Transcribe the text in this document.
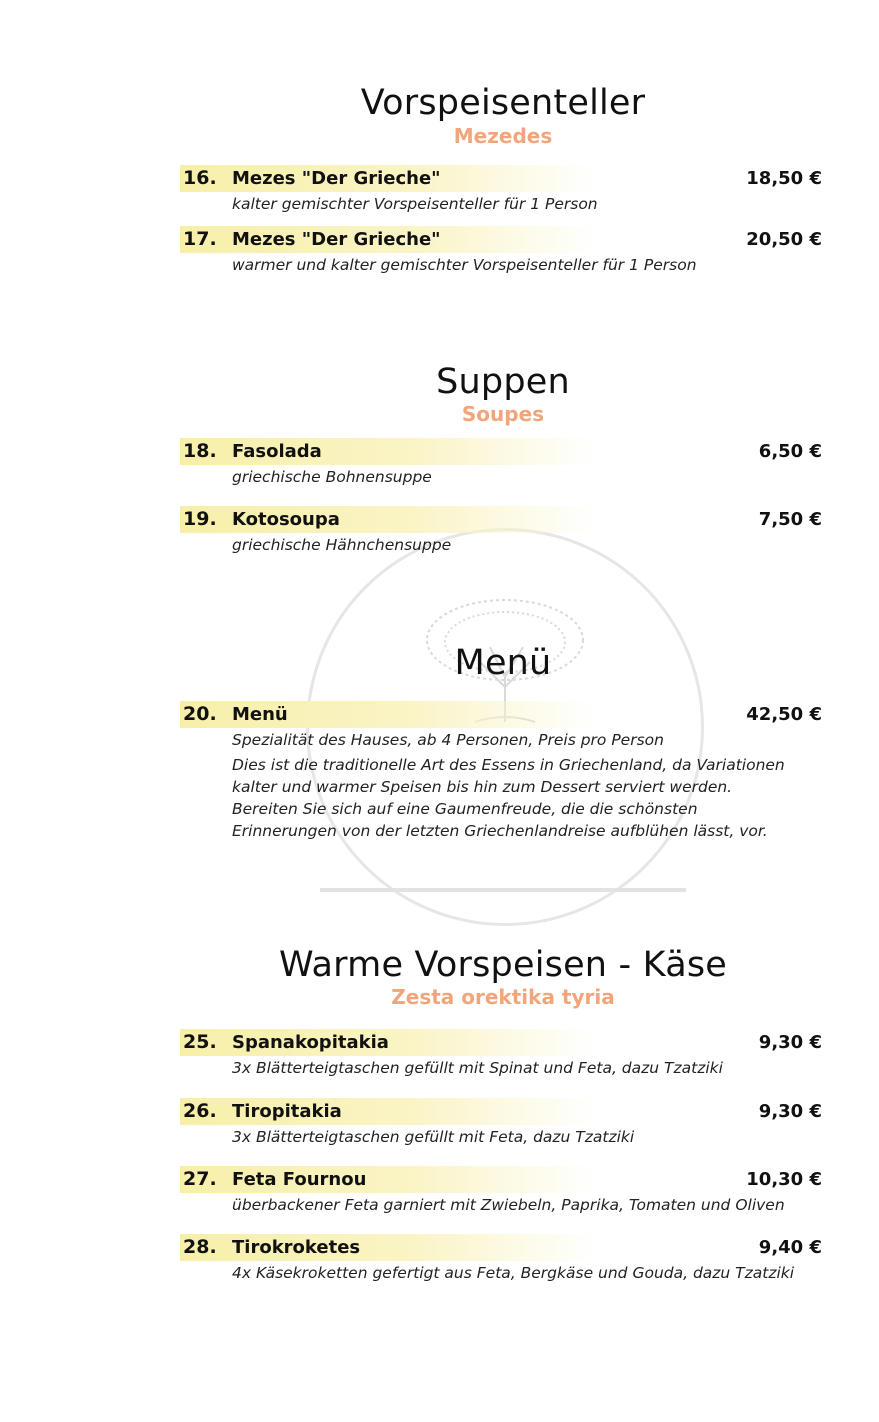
Vorspeisenteller
Mezedes
16. Mezes "Der Grieche"	18,50 €
kalter gemischter Vorspeisenteller für 1 Person
17. Mezes "Der Grieche"	20,50 €
warmer und kalter gemischter Vorspeisenteller für 1 Person
Suppen
Soupes
18. Fasolada	6,50 €
griechische Bohnensuppe
19. Kotosoupa	7,50 €
griechische Hähnchensuppe
Menü
20. Menü	42,50 €
Spezialität des Hauses, ab 4 Personen, Preis pro Person
Dies ist die traditionelle Art des Essens in Griechenland, da Variationen
kalter und warmer Speisen bis hin zum Dessert serviert werden.
Bereiten Sie sich auf eine Gaumenfreude, die die schönsten
Erinnerungen von der letzten Griechenlandreise aufblühen lässt, vor.
Warme Vorspeisen - Käse
Zesta orektika tyria
25. Spanakopitakia	9,30 €
3x Blätterteigtaschen gefüllt mit Spinat und Feta, dazu Tzatziki
26. Tiropitakia	9,30 €
3x Blätterteigtaschen gefüllt mit Feta, dazu Tzatziki
27. Feta Fournou	10,30 €
überbackener Feta garniert mit Zwiebeln, Paprika, Tomaten und Oliven
28. Tirokroketes	9,40 €
4x Käsekroketten gefertigt aus Feta, Bergkäse und Gouda, dazu Tzatziki
